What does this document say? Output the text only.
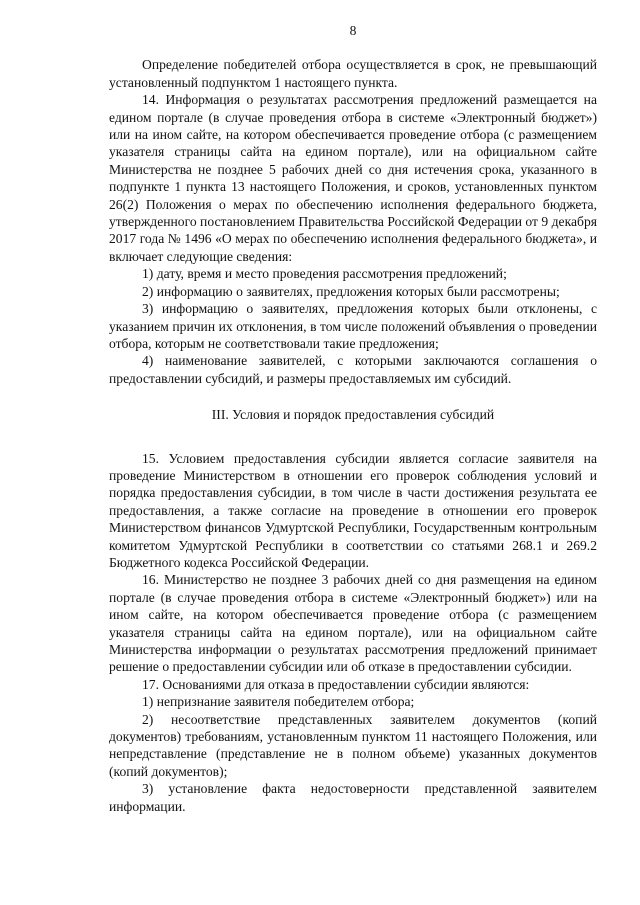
8

Определение победителей отбора осуществляется в срок, не превышающий установленный подпунктом 1 настоящего пункта.

14. Информация о результатах рассмотрения предложений размещается на едином портале (в случае проведения отбора в системе «Электронный бюджет») или на ином сайте, на котором обеспечивается проведение отбора (с размещением указателя страницы сайта на едином портале), или на официальном сайте Министерства не позднее 5 рабочих дней со дня истечения срока, указанного в подпункте 1 пункта 13 настоящего Положения, и сроков, установленных пунктом 26(2) Положения о мерах по обеспечению исполнения федерального бюджета, утвержденного постановлением Правительства Российской Федерации от 9 декабря 2017 года № 1496 «О мерах по обеспечению исполнения федерального бюджета», и включает следующие сведения:

1) дату, время и место проведения рассмотрения предложений;

2) информацию о заявителях, предложения которых были рассмотрены;

3) информацию о заявителях, предложения которых были отклонены, с указанием причин их отклонения, в том числе положений объявления о проведении отбора, которым не соответствовали такие предложения;

4) наименование заявителей, с которыми заключаются соглашения о предоставлении субсидий, и размеры предоставляемых им субсидий.

III. Условия и порядок предоставления субсидий

15. Условием предоставления субсидии является согласие заявителя на проведение Министерством в отношении его проверок соблюдения условий и порядка предоставления субсидии, в том числе в части достижения результата ее предоставления, а также согласие на проведение в отношении его проверок Министерством финансов Удмуртской Республики, Государственным контрольным комитетом Удмуртской Республики в соответствии со статьями 268.1 и 269.2 Бюджетного кодекса Российской Федерации.

16. Министерство не позднее 3 рабочих дней со дня размещения на едином портале (в случае проведения отбора в системе «Электронный бюджет») или на ином сайте, на котором обеспечивается проведение отбора (с размещением указателя страницы сайта на едином портале), или на официальном сайте Министерства информации о результатах рассмотрения предложений принимает решение о предоставлении субсидии или об отказе в предоставлении субсидии.

17. Основаниями для отказа в предоставлении субсидии являются:

1) непризнание заявителя победителем отбора;

2) несоответствие представленных заявителем документов (копий документов) требованиям, установленным пунктом 11 настоящего Положения, или непредставление (представление не в полном объеме) указанных документов (копий документов);

3) установление факта недостоверности представленной заявителем информации.
